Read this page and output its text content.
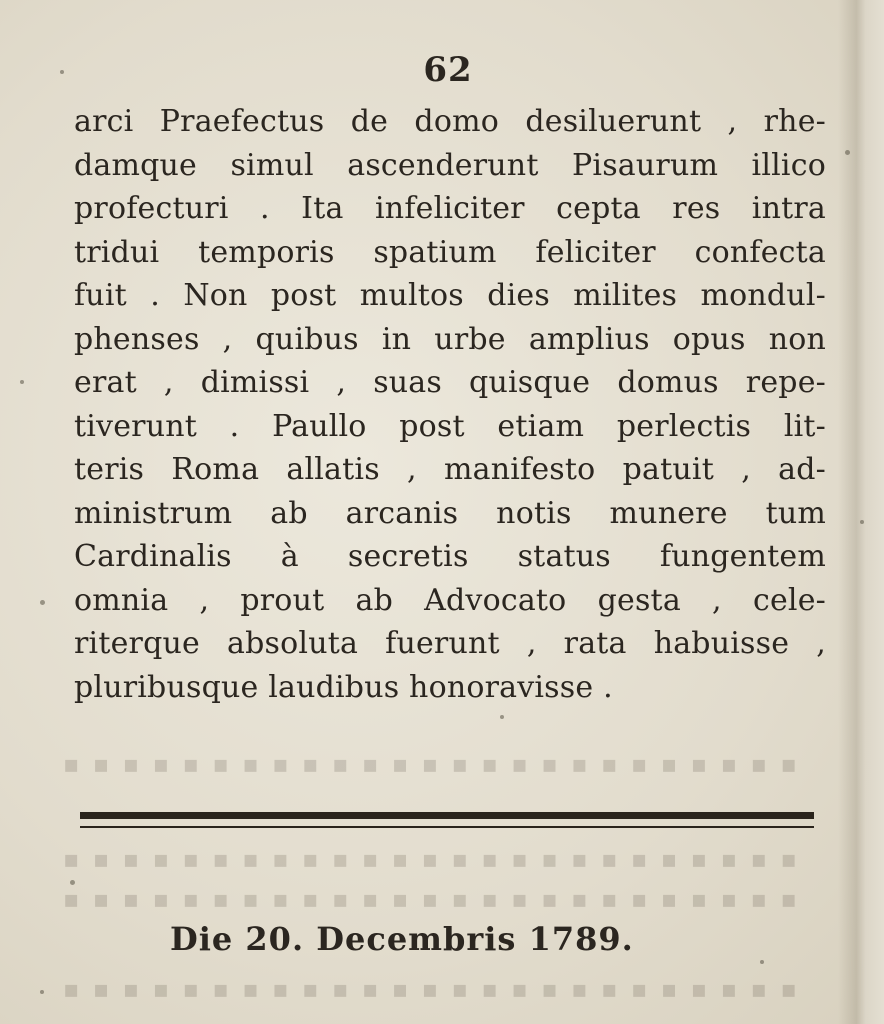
▪ ▪ ▪ ▪ ▪ ▪ ▪ ▪ ▪ ▪ ▪ ▪ ▪ ▪ ▪ ▪ ▪ ▪ ▪ ▪ ▪ ▪ ▪ ▪ ▪
▪ ▪ ▪ ▪ ▪ ▪ ▪ ▪ ▪ ▪ ▪ ▪ ▪ ▪ ▪ ▪ ▪ ▪ ▪ ▪ ▪ ▪ ▪ ▪ ▪
▪ ▪ ▪ ▪ ▪ ▪ ▪ ▪ ▪ ▪ ▪ ▪ ▪ ▪ ▪ ▪ ▪ ▪ ▪ ▪ ▪ ▪ ▪ ▪ ▪
▪ ▪ ▪ ▪ ▪ ▪ ▪ ▪ ▪ ▪ ▪ ▪ ▪ ▪ ▪ ▪ ▪ ▪ ▪ ▪ ▪ ▪ ▪ ▪ ▪
62
arci Praefectus de domo desiluerunt , rhe-
damque simul ascenderunt Pisaurum illico
profecturi . Ita infeliciter cepta res intra
tridui temporis spatium feliciter confecta
fuit . Non post multos dies milites mondul-
phenses , quibus in urbe amplius opus non
erat , dimissi , suas quisque domus repe-
tiverunt . Paullo post etiam perlectis lit-
teris Roma allatis , manifesto patuit , ad-
ministrum ab arcanis notis munere tum
Cardinalis à secretis status fungentem
omnia , prout ab Advocato gesta , cele-
riterque absoluta fuerunt , rata habuisse ,
pluribusque laudibus honoravisse .
Die 20. Decembris 1789.
